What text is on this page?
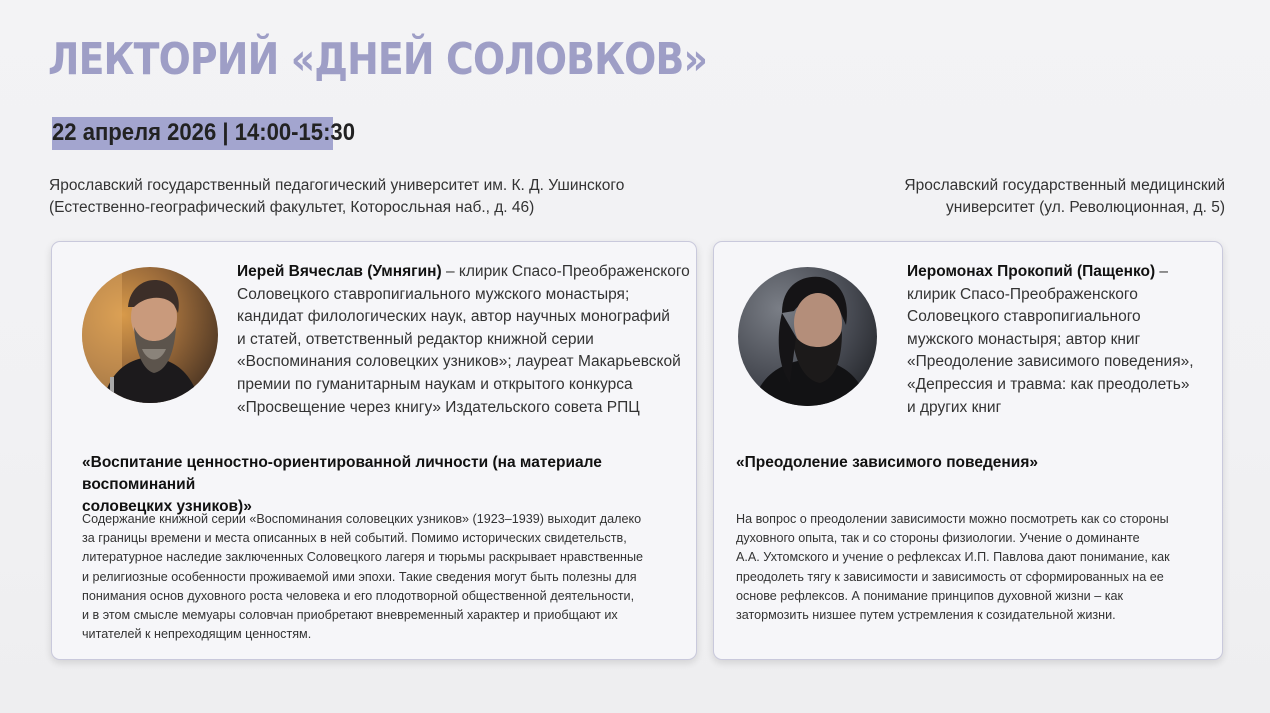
ЛЕКТОРИЙ «ДНЕЙ СОЛОВКОВ»
22 апреля 2026 | 14:00-15:30
Ярославский государственный педагогический университет им. К. Д. Ушинского
(Естественно-географический факультет, Которосльная наб., д. 46)
Ярославский государственный медицинский
университет (ул. Революционная, д. 5)
Иерей Вячеслав (Умнягин) – клирик Спасо-Преображенского
Соловецкого ставропигиального мужского монастыря;
кандидат филологических наук, автор научных монографий
и статей, ответственный редактор книжной серии
«Воспоминания соловецких узников»; лауреат Макарьевской
премии по гуманитарным наукам и открытого конкурса
«Просвещение через книгу» Издательского совета РПЦ
«Воспитание ценностно-ориентированной личности (на материале воспоминаний
соловецких узников)»
Содержание книжной серии «Воспоминания соловецких узников» (1923–1939) выходит далеко
за границы времени и места описанных в ней событий. Помимо исторических свидетельств,
литературное наследие заключенных Соловецкого лагеря и тюрьмы раскрывает нравственные
и религиозные особенности проживаемой ими эпохи. Такие сведения могут быть полезны для
понимания основ духовного роста человека и его плодотворной общественной деятельности,
и в этом смысле мемуары соловчан приобретают вневременный характер и приобщают их
читателей к непреходящим ценностям.
Иеромонах Прокопий (Пащенко) –
клирик Спасо-Преображенского
Соловецкого ставропигиального
мужского монастыря; автор книг
«Преодоление зависимого поведения»,
«Депрессия и травма: как преодолеть»
и других книг
«Преодоление зависимого поведения»
На вопрос о преодолении зависимости можно посмотреть как со стороны
духовного опыта, так и со стороны физиологии. Учение о доминанте
А.А. Ухтомского и учение о рефлексах И.П. Павлова дают понимание, как
преодолеть тягу к зависимости и зависимость от сформированных на ее
основе рефлексов. А понимание принципов духовной жизни – как
затормозить низшее путем устремления к созидательной жизни.
